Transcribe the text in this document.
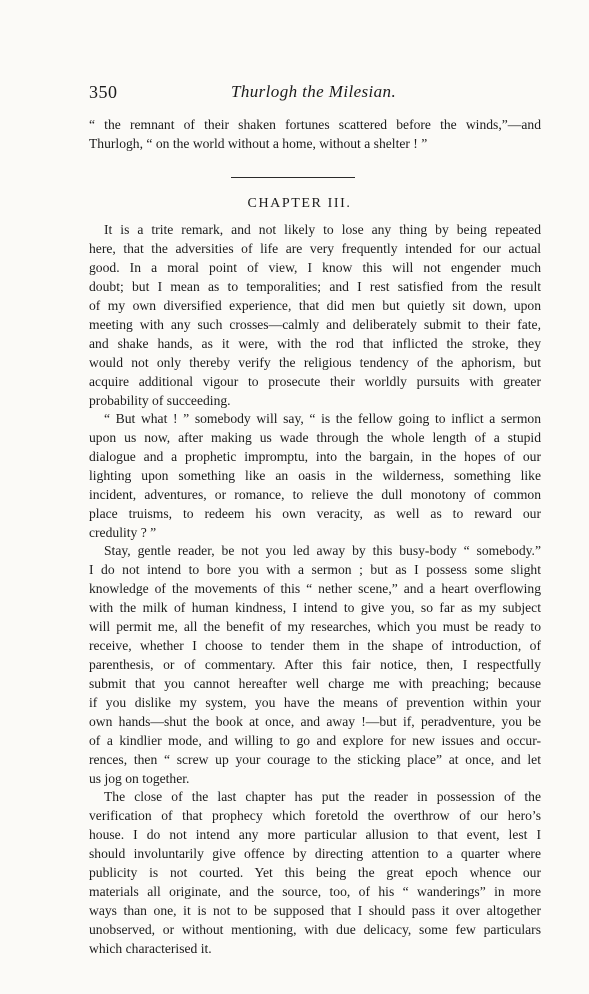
350	Thurlogh the Milesian.
“ the remnant of their shaken fortunes scattered before the winds,”—and
Thurlogh, “ on the world without a home, without a shelter ! ”
CHAPTER III.
It is a trite remark, and not likely to lose any thing by being repeated
here, that the adversities of life are very frequently intended for our actual
good. In a moral point of view, I know this will not engender much
doubt; but I mean as to temporalities; and I rest satisfied from the result
of my own diversified experience, that did men but quietly sit down, upon
meeting with any such crosses—calmly and deliberately submit to their fate,
and shake hands, as it were, with the rod that inflicted the stroke, they
would not only thereby verify the religious tendency of the aphorism, but
acquire additional vigour to prosecute their worldly pursuits with greater
probability of succeeding.
“ But what ! ” somebody will say, “ is the fellow going to inflict a sermon
upon us now, after making us wade through the whole length of a stupid
dialogue and a prophetic impromptu, into the bargain, in the hopes of our
lighting upon something like an oasis in the wilderness, something like
incident, adventures, or romance, to relieve the dull monotony of common
place truisms, to redeem his own veracity, as well as to reward our
credulity ? ”
Stay, gentle reader, be not you led away by this busy-body “ somebody.”
I do not intend to bore you with a sermon ; but as I possess some slight
knowledge of the movements of this “ nether scene,” and a heart overflowing
with the milk of human kindness, I intend to give you, so far as my subject
will permit me, all the benefit of my researches, which you must be ready to
receive, whether I choose to tender them in the shape of introduction, of
parenthesis, or of commentary. After this fair notice, then, I respectfully
submit that you cannot hereafter well charge me with preaching; because
if you dislike my system, you have the means of prevention within your
own hands—shut the book at once, and away !—but if, peradventure, you be
of a kindlier mode, and willing to go and explore for new issues and occur-
rences, then “ screw up your courage to the sticking place” at once, and let
us jog on together.
The close of the last chapter has put the reader in possession of the
verification of that prophecy which foretold the overthrow of our hero’s
house. I do not intend any more particular allusion to that event, lest I
should involuntarily give offence by directing attention to a quarter where
publicity is not courted. Yet this being the great epoch whence our
materials all originate, and the source, too, of his “ wanderings” in more
ways than one, it is not to be supposed that I should pass it over altogether
unobserved, or without mentioning, with due delicacy, some few particulars
which characterised it.
